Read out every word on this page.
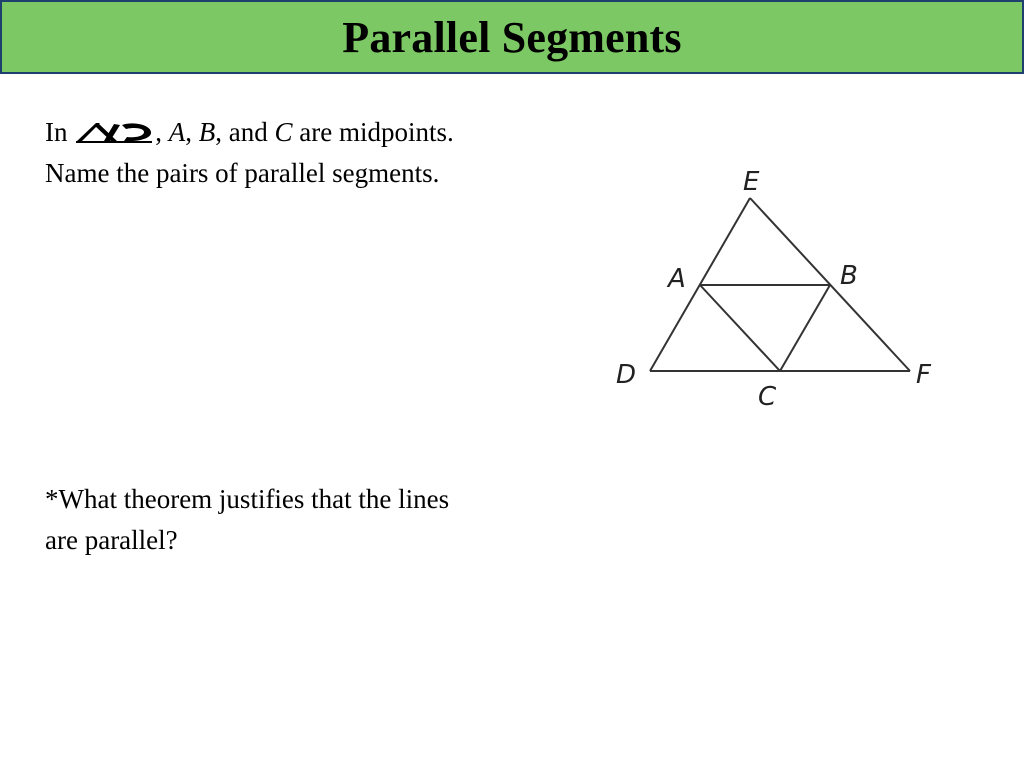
Parallel Segments
In	, A, B, and C are midpoints.
Name the pairs of parallel segments.
*What theorem justifies that the lines
are parallel?
E
A	B
D
C
F
